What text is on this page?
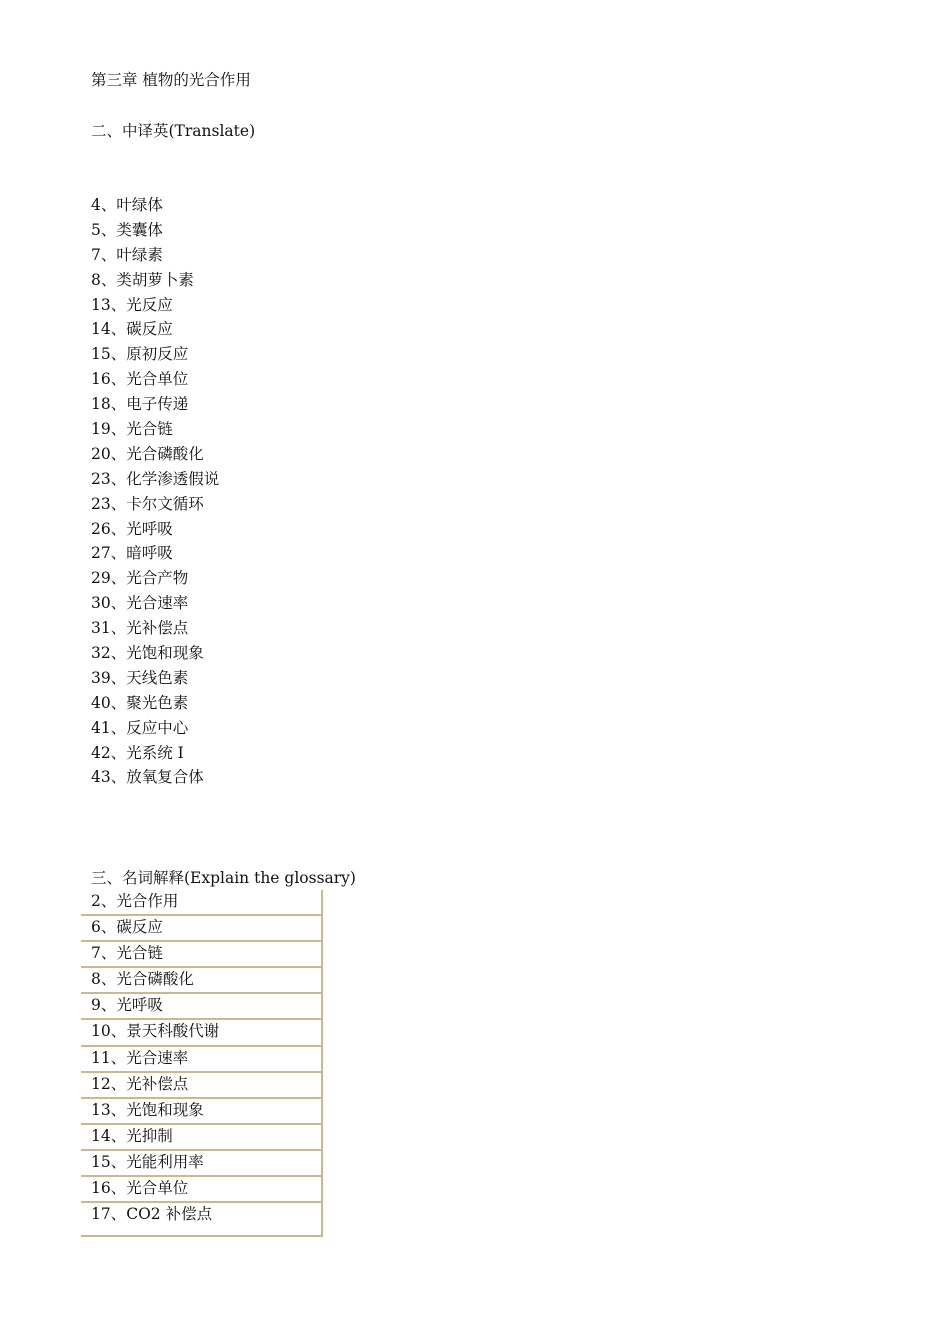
第三章 植物的光合作用
二、中译英(Translate)
4、叶绿体
5、类囊体
7、叶绿素
8、类胡萝卜素
13、光反应
14、碳反应
15、原初反应
16、光合单位
18、电子传递
19、光合链
20、光合磷酸化
23、化学渗透假说
23、卡尔文循环
26、光呼吸
27、暗呼吸
29、光合产物
30、光合速率
31、光补偿点
32、光饱和现象
39、天线色素
40、聚光色素
41、反应中心
42、光系统 I
43、放氧复合体
三、名词解释(Explain the glossary)
2、光合作用
6、碳反应
7、光合链
8、光合磷酸化
9、光呼吸
10、景天科酸代谢
11、光合速率
12、光补偿点
13、光饱和现象
14、光抑制
15、光能利用率
16、光合单位
17、CO2 补偿点
